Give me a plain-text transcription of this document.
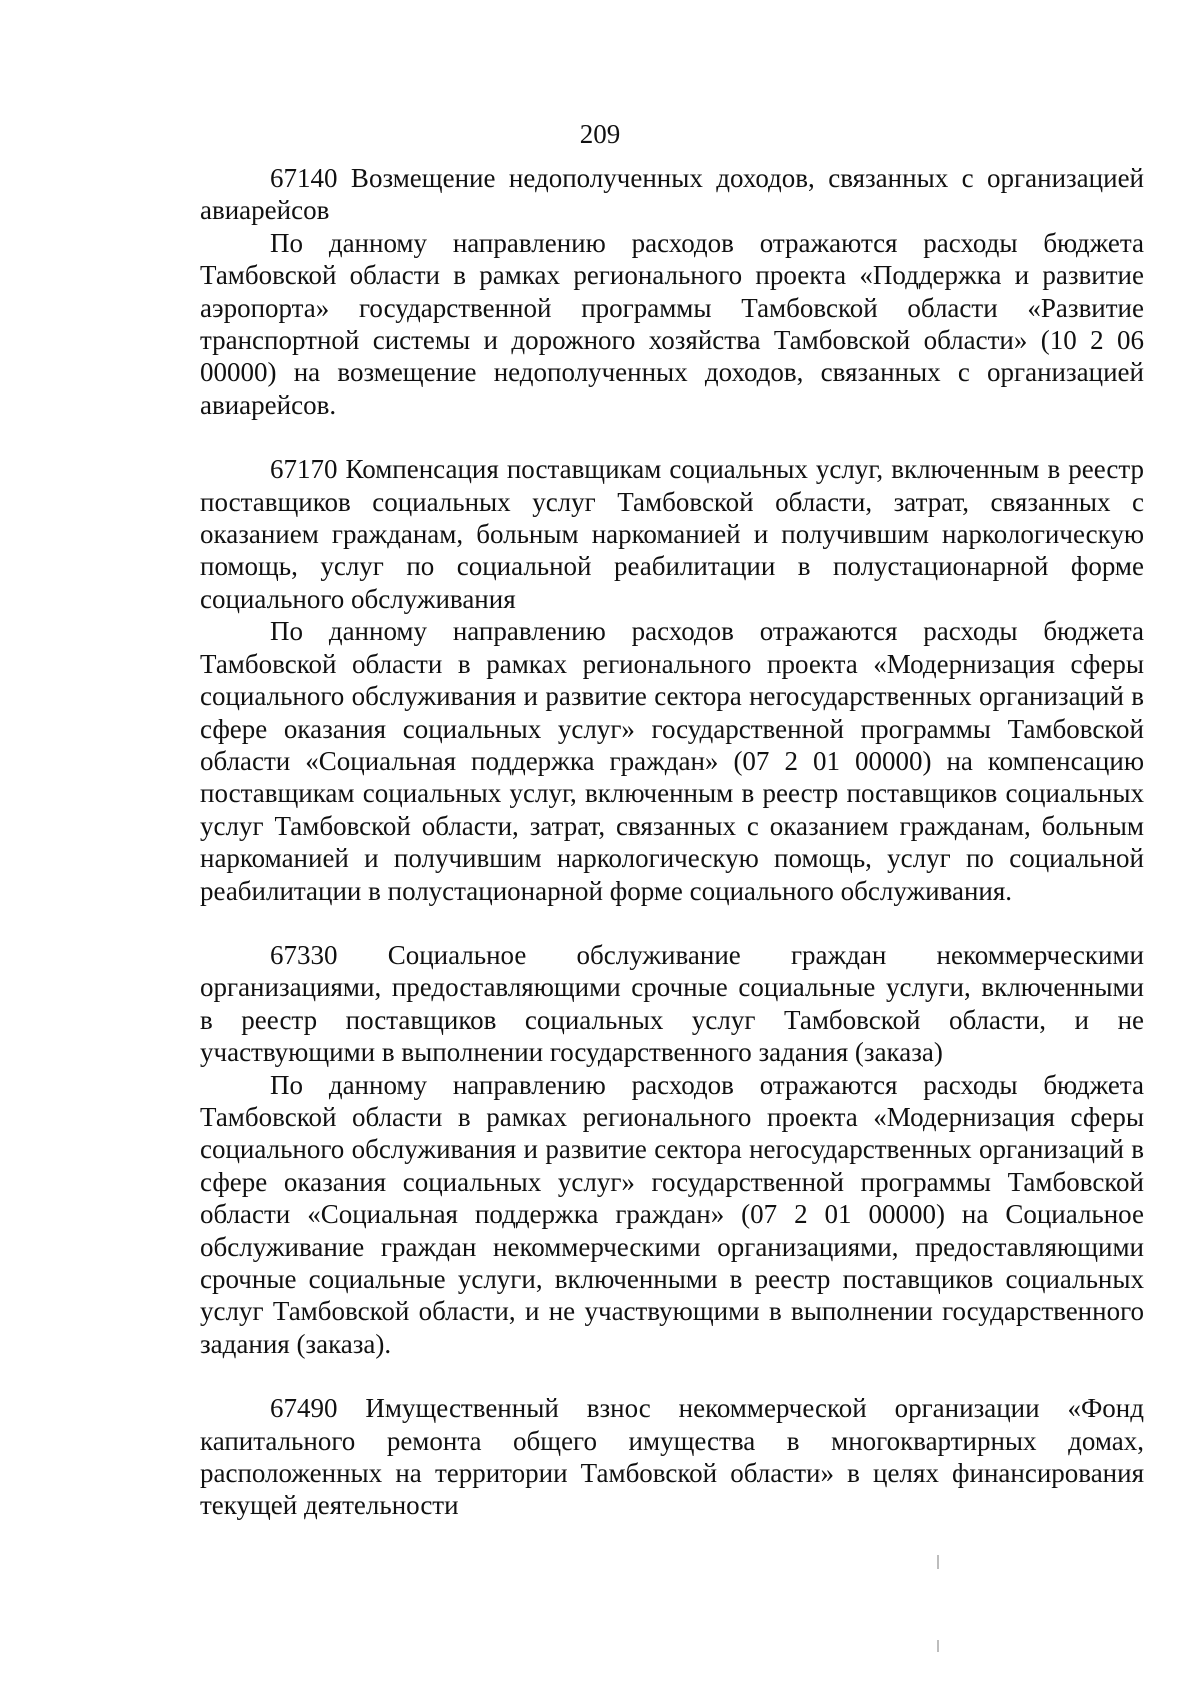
209

67140 Возмещение недополученных доходов, связанных с организацией авиарейсов

По данному направлению расходов отражаются расходы бюджета Тамбовской области в рамках регионального проекта «Поддержка и развитие аэропорта» государственной программы Тамбовской области «Развитие транспортной системы и дорожного хозяйства Тамбовской области» (10 2 06 00000) на возмещение недополученных доходов, связанных с организацией авиарейсов.

67170 Компенсация поставщикам социальных услуг, включенным в реестр поставщиков социальных услуг Тамбовской области, затрат, связанных с оказанием гражданам, больным наркоманией и получившим наркологическую помощь, услуг по социальной реабилитации в полустационарной форме социального обслуживания

По данному направлению расходов отражаются расходы бюджета Тамбовской области в рамках регионального проекта «Модернизация сферы социального обслуживания и развитие сектора негосударственных организаций в сфере оказания социальных услуг» государственной программы Тамбовской области «Социальная поддержка граждан» (07 2 01 00000) на компенсацию поставщикам социальных услуг, включенным в реестр поставщиков социальных услуг Тамбовской области, затрат, связанных с оказанием гражданам, больным наркоманией и получившим наркологическую помощь, услуг по социальной реабилитации в полустационарной форме социального обслуживания.

67330 Социальное обслуживание граждан некоммерческими организациями, предоставляющими срочные социальные услуги, включенными в реестр поставщиков социальных услуг Тамбовской области, и не участвующими в выполнении государственного задания (заказа)

По данному направлению расходов отражаются расходы бюджета Тамбовской области в рамках регионального проекта «Модернизация сферы социального обслуживания и развитие сектора негосударственных организаций в сфере оказания социальных услуг» государственной программы Тамбовской области «Социальная поддержка граждан» (07 2 01 00000) на Социальное обслуживание граждан некоммерческими организациями, предоставляющими срочные социальные услуги, включенными в реестр поставщиков социальных услуг Тамбовской области, и не участвующими в выполнении государственного задания (заказа).

67490 Имущественный взнос некоммерческой организации «Фонд капитального ремонта общего имущества в многоквартирных домах, расположенных на территории Тамбовской области» в целях финансирования текущей деятельности
